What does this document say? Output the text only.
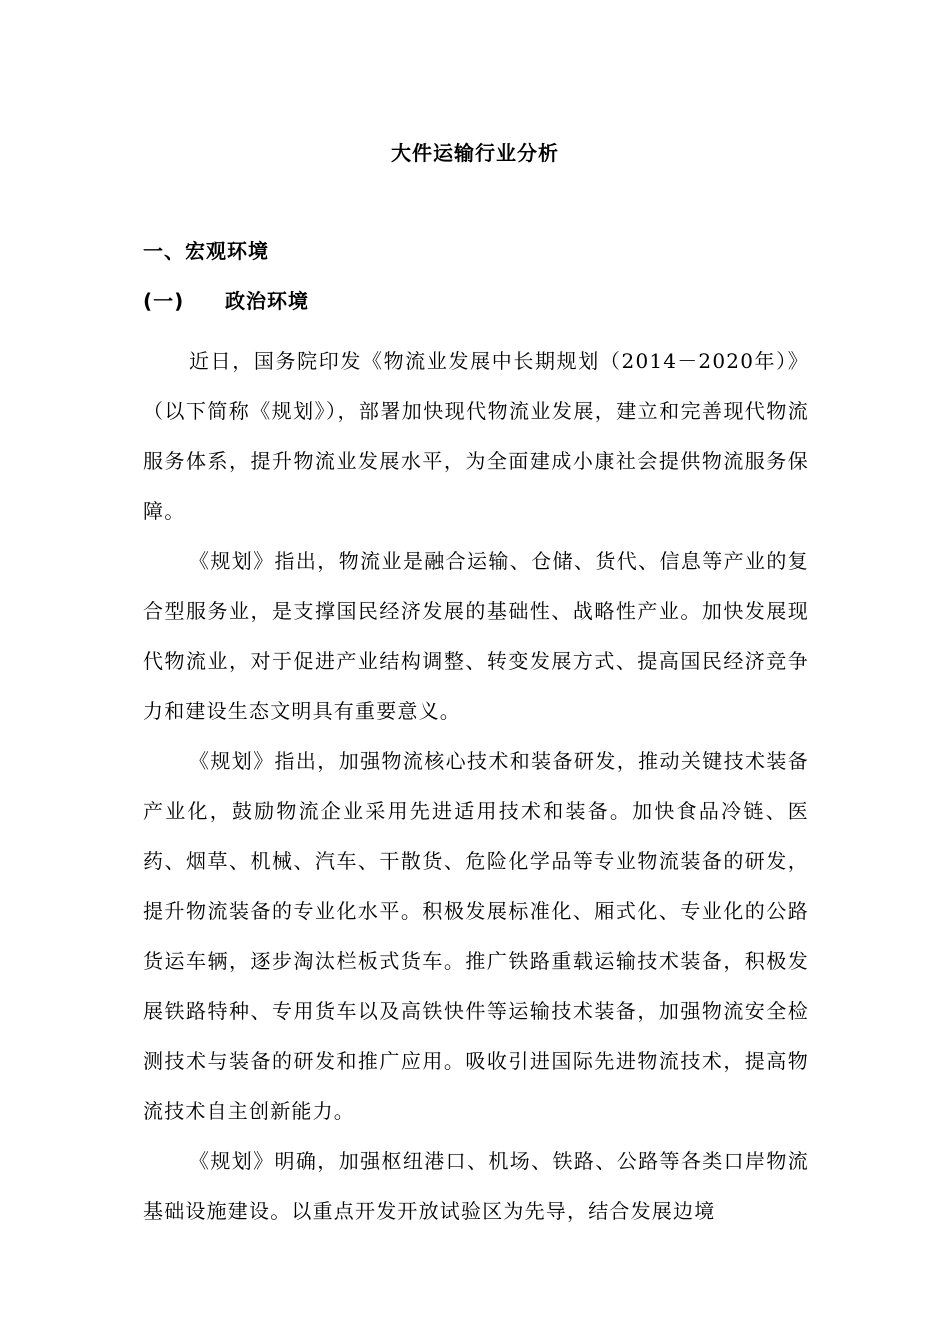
大件运输行业分析
一、宏观环境
(一) 政治环境

近日，国务院印发《物流业发展中长期规划（2014－2020年）》（以下简称《规划》），部署加快现代物流业发展，建立和完善现代物流服务体系，提升物流业发展水平，为全面建成小康社会提供物流服务保障。

《规划》指出，物流业是融合运输、仓储、货代、信息等产业的复合型服务业，是支撑国民经济发展的基础性、战略性产业。加快发展现代物流业，对于促进产业结构调整、转变发展方式、提高国民经济竞争力和建设生态文明具有重要意义。

《规划》指出，加强物流核心技术和装备研发，推动关键技术装备产业化，鼓励物流企业采用先进适用技术和装备。加快食品冷链、医药、烟草、机械、汽车、干散货、危险化学品等专业物流装备的研发，提升物流装备的专业化水平。积极发展标准化、厢式化、专业化的公路货运车辆，逐步淘汰栏板式货车。推广铁路重载运输技术装备，积极发展铁路特种、专用货车以及高铁快件等运输技术装备，加强物流安全检测技术与装备的研发和推广应用。吸收引进国际先进物流技术，提高物流技术自主创新能力。

《规划》明确，加强枢纽港口、机场、铁路、公路等各类口岸物流基础设施建设。以重点开发开放试验区为先导，结合发展边境
